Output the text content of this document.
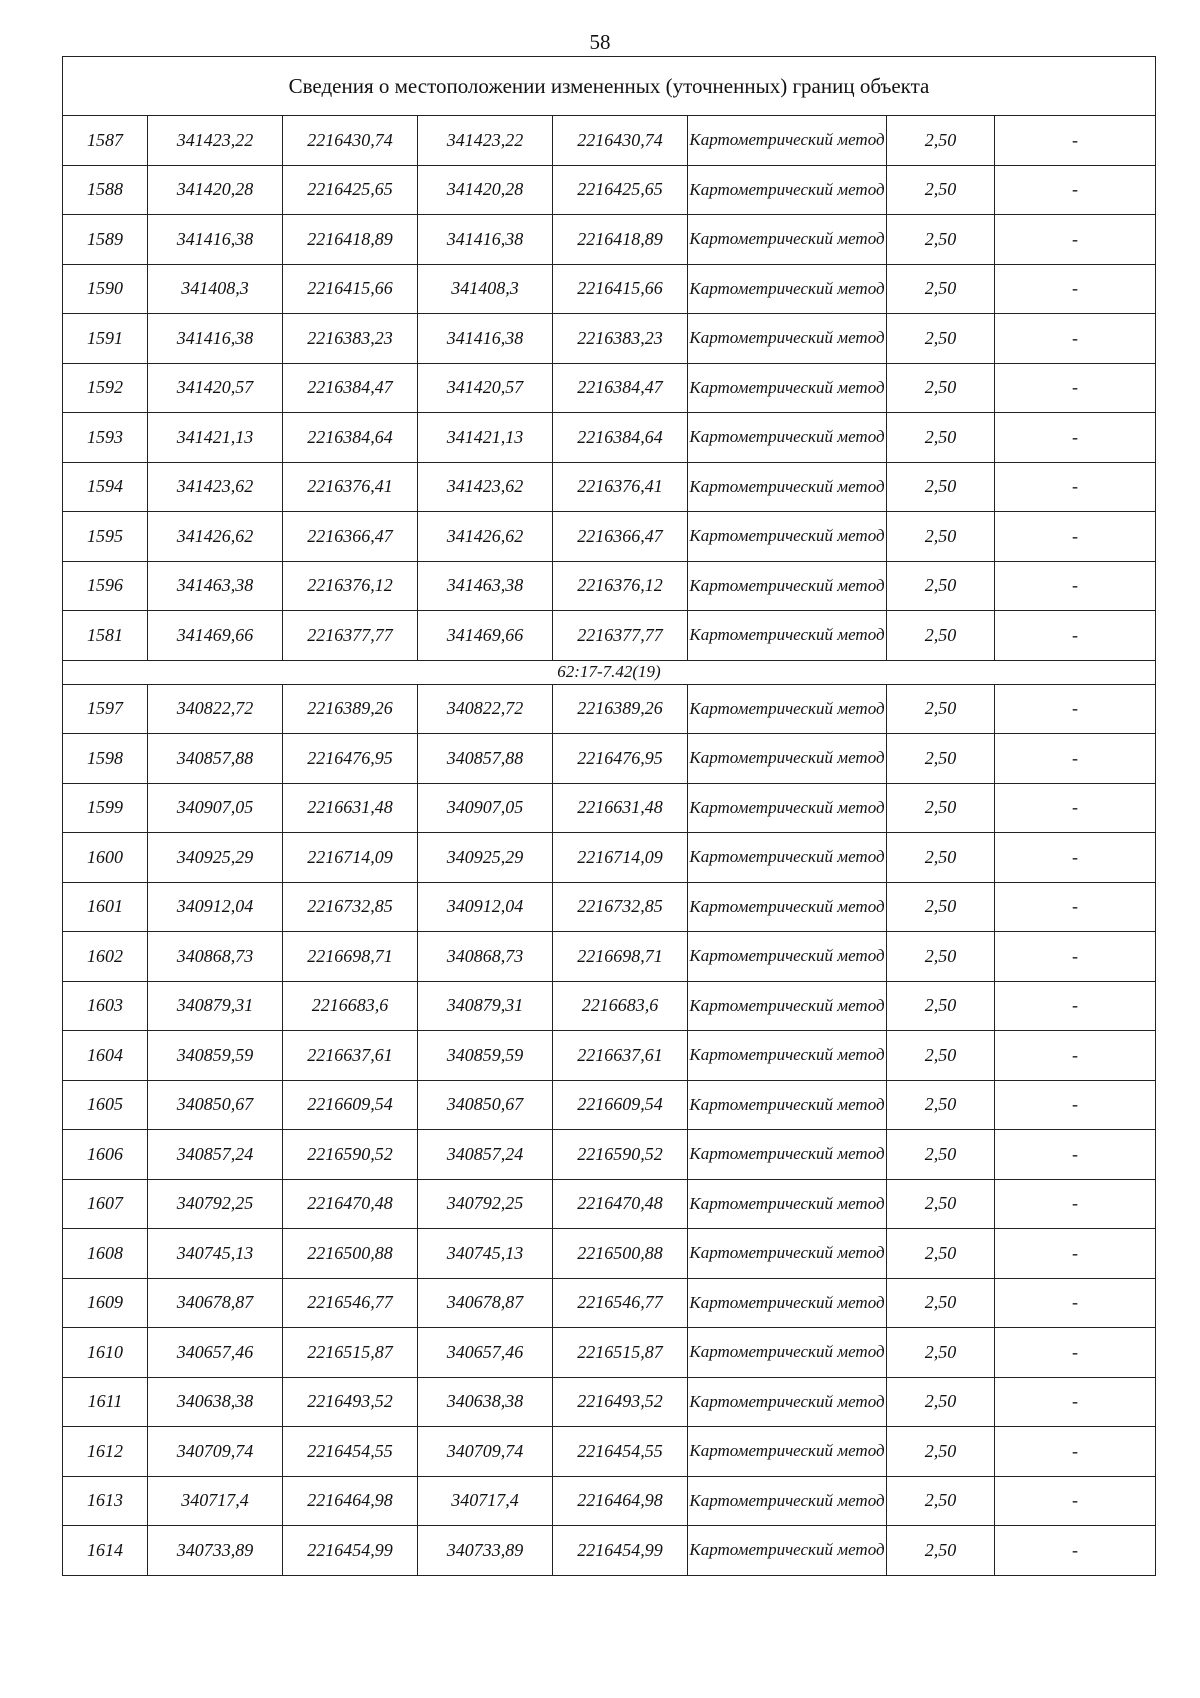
58
Сведения о местоположении измененных (уточненных) границ объекта							
1587	341423,22	2216430,74	341423,22	2216430,74	Картометрический метод	2,50	-
1588	341420,28	2216425,65	341420,28	2216425,65	Картометрический метод	2,50	-
1589	341416,38	2216418,89	341416,38	2216418,89	Картометрический метод	2,50	-
1590	341408,3	2216415,66	341408,3	2216415,66	Картометрический метод	2,50	-
1591	341416,38	2216383,23	341416,38	2216383,23	Картометрический метод	2,50	-
1592	341420,57	2216384,47	341420,57	2216384,47	Картометрический метод	2,50	-
1593	341421,13	2216384,64	341421,13	2216384,64	Картометрический метод	2,50	-
1594	341423,62	2216376,41	341423,62	2216376,41	Картометрический метод	2,50	-
1595	341426,62	2216366,47	341426,62	2216366,47	Картометрический метод	2,50	-
1596	341463,38	2216376,12	341463,38	2216376,12	Картометрический метод	2,50	-
1581	341469,66	2216377,77	341469,66	2216377,77	Картометрический метод	2,50	-
62:17-7.42(19)							
1597	340822,72	2216389,26	340822,72	2216389,26	Картометрический метод	2,50	-
1598	340857,88	2216476,95	340857,88	2216476,95	Картометрический метод	2,50	-
1599	340907,05	2216631,48	340907,05	2216631,48	Картометрический метод	2,50	-
1600	340925,29	2216714,09	340925,29	2216714,09	Картометрический метод	2,50	-
1601	340912,04	2216732,85	340912,04	2216732,85	Картометрический метод	2,50	-
1602	340868,73	2216698,71	340868,73	2216698,71	Картометрический метод	2,50	-
1603	340879,31	2216683,6	340879,31	2216683,6	Картометрический метод	2,50	-
1604	340859,59	2216637,61	340859,59	2216637,61	Картометрический метод	2,50	-
1605	340850,67	2216609,54	340850,67	2216609,54	Картометрический метод	2,50	-
1606	340857,24	2216590,52	340857,24	2216590,52	Картометрический метод	2,50	-
1607	340792,25	2216470,48	340792,25	2216470,48	Картометрический метод	2,50	-
1608	340745,13	2216500,88	340745,13	2216500,88	Картометрический метод	2,50	-
1609	340678,87	2216546,77	340678,87	2216546,77	Картометрический метод	2,50	-
1610	340657,46	2216515,87	340657,46	2216515,87	Картометрический метод	2,50	-
1611	340638,38	2216493,52	340638,38	2216493,52	Картометрический метод	2,50	-
1612	340709,74	2216454,55	340709,74	2216454,55	Картометрический метод	2,50	-
1613	340717,4	2216464,98	340717,4	2216464,98	Картометрический метод	2,50	-
1614	340733,89	2216454,99	340733,89	2216454,99	Картометрический метод	2,50	-
